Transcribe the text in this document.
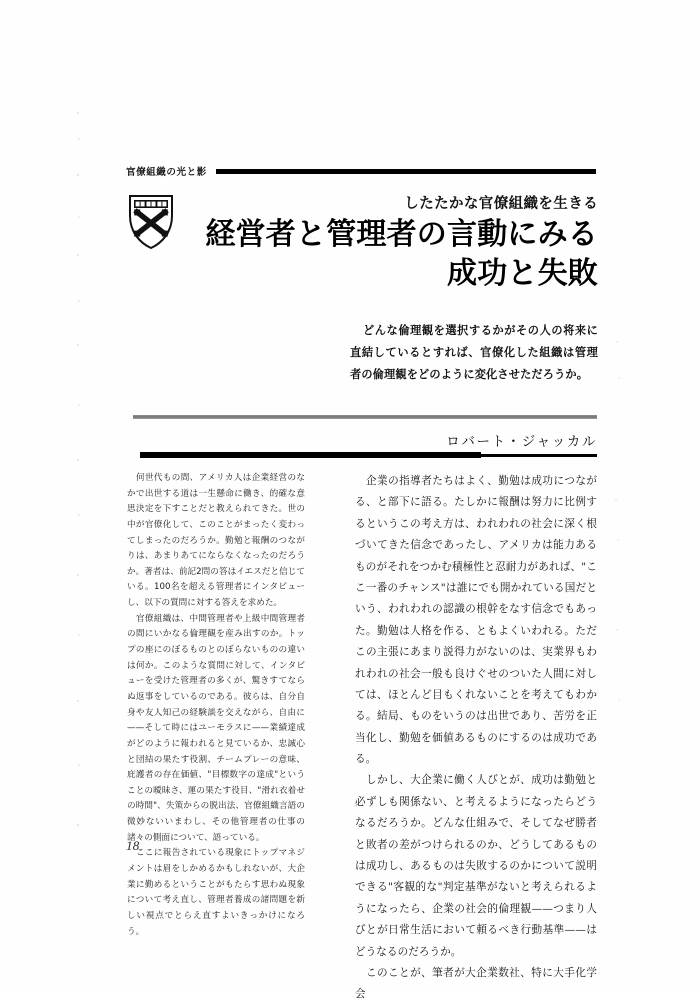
官僚組織の光と影
したたかな官僚組織を生きる
経営者と管理者の言動にみる
成功と失敗
どんな倫理観を選択するかがその人の将来に直結しているとすれば、官僚化した組織は管理者の倫理観をどのように変化させただろうか。
ロバート・ジャッカル

何世代もの間、アメリカ人は企業経営のなかで出世する道は一生懸命に働き、的確な意思決定を下すことだと教えられてきた。世の中が官僚化して、このことがまったく変わってしまったのだろうか。勤勉と報酬のつながりは、あまりあてにならなくなったのだろうか。著者は、前記2問の答はイエスだと信じている。100名を超える管理者にインタビューし、以下の質問に対する答えを求めた。

官僚組織は、中間管理者や上級中間管理者の間にいかなる倫理観を産み出すのか。トップの座にのぼるものとのぼらないものの違いは何か。このような質問に対して、インタビューを受けた管理者の多くが、驚きすてならぬ返事をしているのである。彼らは、自分自身や友人知己の経験談を交えながら、自由に——そして時にはユーモラスに——業績達成がどのように報われると見ているか、忠誠心と団結の果たす役割、チームプレーの意味、庇護者の存在価値、"目標数字の達成"ということの曖昧さ、運の果たす役目、"滑れ衣着せの時間"、失策からの脱出法、官僚組織言語の微妙ないいまわし、その他管理者の仕事の諸々の側面について、語っている。

ここに報告されている現象にトップマネジメントは眉をしかめるかもしれないが、大企業に勤めるということがもたらす思わぬ現象について考え直し、管理者養成の諸問題を新しい視点でとらえ直すよいきっかけになろう。

企業の指導者たちはよく、勤勉は成功につながる、と部下に語る。たしかに報酬は努力に比例するというこの考え方は、われわれの社会に深く根づいてきた信念であったし、アメリカは能力あるものがそれをつかむ積極性と忍耐力があれば、"ここ一番のチャンス"は誰にでも開かれている国だという、われわれの認識の根幹をなす信念でもあった。勤勉は人格を作る、ともよくいわれる。ただこの主張にあまり説得力がないのは、実業界もわれわれの社会一般も良けぐせのついた人間に対しては、ほとんど目もくれないことを考えてもわかる。結局、ものをいうのは出世であり、苦労を正当化し、勤勉を価値あるものにするのは成功である。

しかし、大企業に働く人びとが、成功は勤勉と必ずしも関係ない、と考えるようになったらどうなるだろうか。どんな仕組みで、そしてなぜ勝者と敗者の差がつけられるのか、どうしてあるものは成功し、あるものは失敗するのかについて説明できる"客観的な"判定基準がないと考えられるようになったら、企業の社会的倫理観——つまり人びとが日常生活において頼るべき行動基準——はどうなるのだろうか。

このことが、筆者が大企業数社、特に大手化学会

18
